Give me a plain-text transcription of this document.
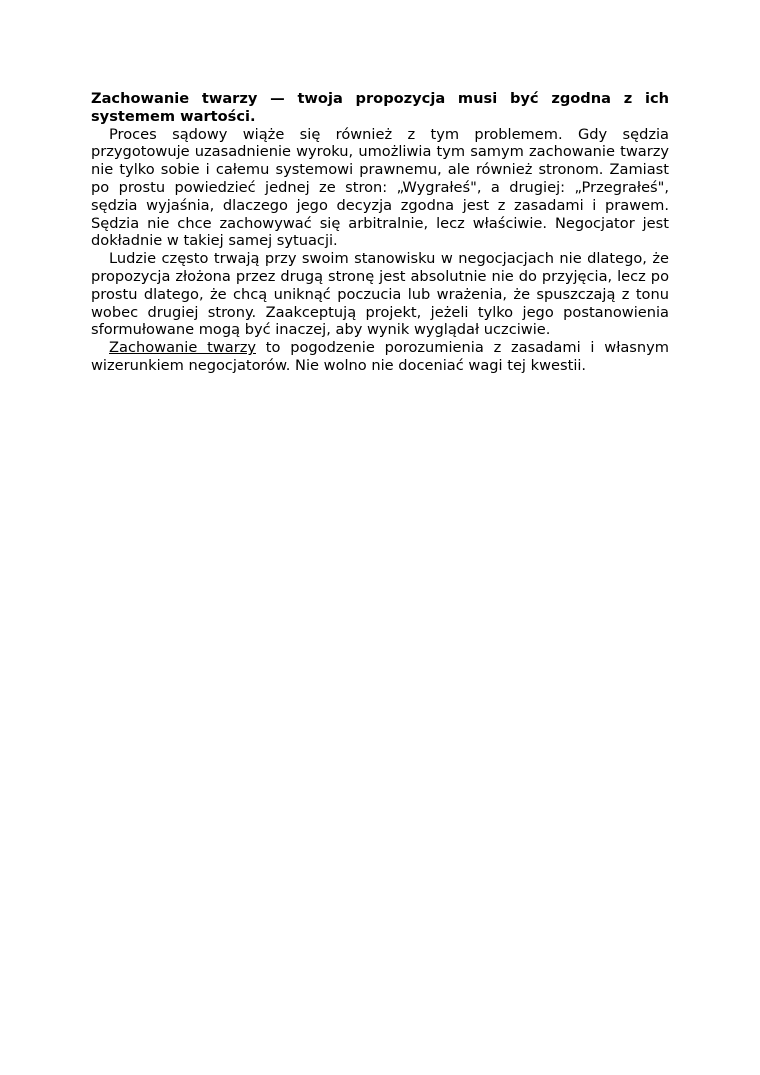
Zachowanie twarzy — twoja propozycja musi być zgodna z ich systemem wartości.

Proces sądowy wiąże się również z tym problemem. Gdy sędzia przygotowuje uzasadnienie wyroku, umożliwia tym samym zachowanie twarzy nie tylko sobie i całemu systemowi prawnemu, ale również stronom. Zamiast po prostu powiedzieć jednej ze stron: „Wygrałeś", a drugiej: „Przegrałeś", sędzia wyjaśnia, dlaczego jego decyzja zgodna jest z zasadami i prawem. Sędzia nie chce zachowywać się arbitralnie, lecz właściwie. Negocjator jest dokładnie w takiej samej sytuacji.

Ludzie często trwają przy swoim stanowisku w negocjacjach nie dlatego, że propozycja złożona przez drugą stronę jest absolutnie nie do przyjęcia, lecz po prostu dlatego, że chcą uniknąć poczucia lub wrażenia, że spuszczają z tonu wobec drugiej strony. Zaakceptują projekt, jeżeli tylko jego postanowienia sformułowane mogą być inaczej, aby wynik wyglądał uczciwie.

Zachowanie twarzy to pogodzenie porozumienia z zasadami i własnym wizerunkiem negocjatorów. Nie wolno nie doceniać wagi tej kwestii.
